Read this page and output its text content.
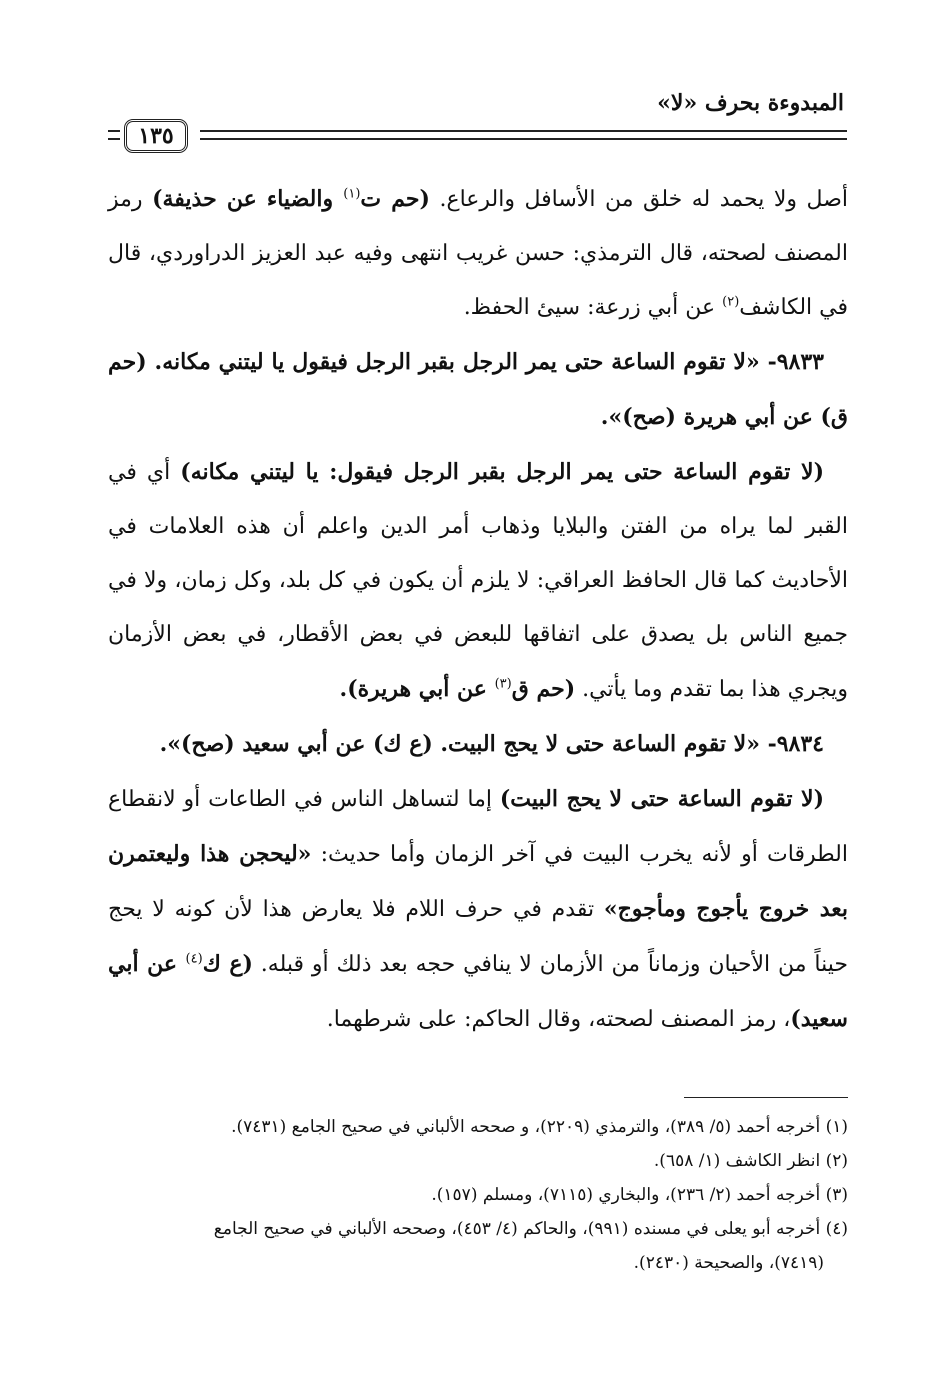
المبدوءة بحرف «لا»
١٣٥

أصل ولا يحمد له خلق من الأسافل والرعاع. (حم ت$^{(١)}$ والضياء عن حذيفة) رمز المصنف لصحته، قال الترمذي: حسن غريب انتهى وفيه عبد العزيز الدراوردي، قال في الكاشف$^{(٢)}$ عن أبي زرعة: سيئ الحفظ.

٩٨٣٣- «لا تقوم الساعة حتى يمر الرجل بقبر الرجل فيقول يا ليتني مكانه. (حم ق) عن أبي هريرة (صح)».

(لا تقوم الساعة حتى يمر الرجل بقبر الرجل فيقول: يا ليتني مكانه) أي في القبر لما يراه من الفتن والبلايا وذهاب أمر الدين واعلم أن هذه العلامات في الأحاديث كما قال الحافظ العراقي: لا يلزم أن يكون في كل بلد، وكل زمان، ولا في جميع الناس بل يصدق على اتفاقها للبعض في بعض الأقطار، في بعض الأزمان ويجري هذا بما تقدم وما يأتي. (حم ق$^{(٣)}$ عن أبي هريرة).

٩٨٣٤- «لا تقوم الساعة حتى لا يحج البيت. (ع ك) عن أبي سعيد (صح)».

(لا تقوم الساعة حتى لا يحج البيت) إما لتساهل الناس في الطاعات أو لانقطاع الطرقات أو لأنه يخرب البيت في آخر الزمان وأما حديث: «ليحجن هذا وليعتمرن بعد خروج يأجوج ومأجوج» تقدم في حرف اللام فلا يعارض هذا لأن كونه لا يحج حيناً من الأحيان وزماناً من الأزمان لا ينافي حجه بعد ذلك أو قبله. (ع ك$^{(٤)}$ عن أبي سعيد)، رمز المصنف لصحته، وقال الحاكم: على شرطهما.

(١) أخرجه أحمد (٥/ ٣٨٩)، والترمذي (٢٢٠٩)، و صححه الألباني في صحيح الجامع (٧٤٣١).

(٢) انظر الكاشف (١/ ٦٥٨).

(٣) أخرجه أحمد (٢/ ٢٣٦)، والبخاري (٧١١٥)، ومسلم (١٥٧).

(٤) أخرجه أبو يعلى في مسنده (٩٩١)، والحاكم (٤/ ٤٥٣)، وصححه الألباني في صحيح الجامع

(٧٤١٩)، والصحيحة (٢٤٣٠).
